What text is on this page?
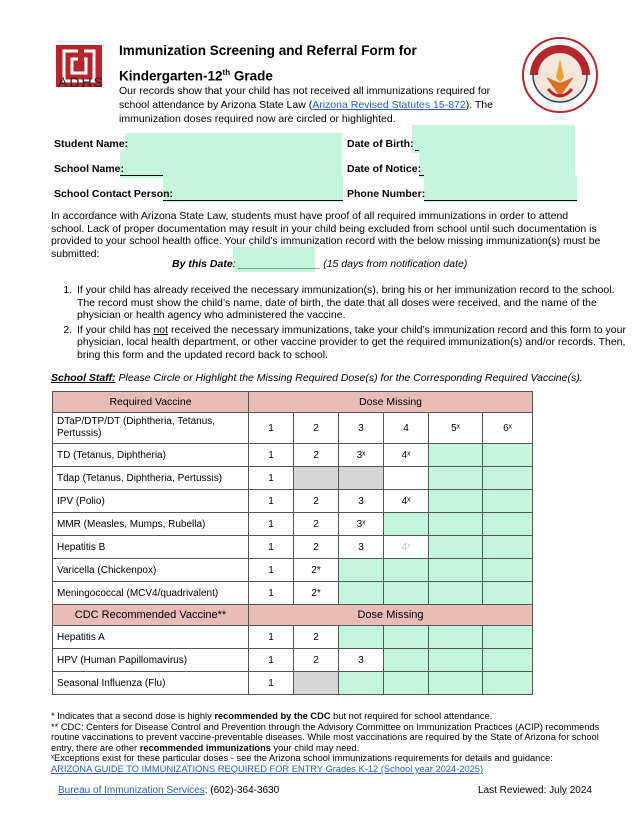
ADHS
Immunization Screening and Referral Form for
Kindergarten-12th Grade
Our records show that your child has not received all immunizations required for school attendance by Arizona State Law (Arizona Revised Statutes 15-872). The immunization doses required now are circled or highlighted.
Student Name:	Date of Birth:
School Name:	Date of Notice:
School Contact Person:	Phone Number:
In accordance with Arizona State Law, students must have proof of all required immunizations in order to attend school. Lack of proper documentation may result in your child being excluded from school until such documentation is provided to your school health office. Your child’s immunization record with the below missing immunization(s) must be submitted:
By this Date: ______________ (15 days from notification date)
1. If your child has already received the necessary immunization(s), bring his or her immunization record to the school. The record must show the child’s name, date of birth, the date that all doses were received, and the name of the physician or health agency who administered the vaccine.
2. If your child has not received the necessary immunizations, take your child’s immunization record and this form to your physician, local health department, or other vaccine provider to get the required immunization(s) and/or records. Then, bring this form and the updated record back to school.
School Staff: Please Circle or Highlight the Missing Required Dose(s) for the Corresponding Required Vaccine(s).
Required Vaccine	Dose Missing					
DTaP/DTP/DT (Diphtheria, Tetanus, Pertussis)	1	2	3	4	5ˣ	6ˣ
TD (Tetanus, Diphtheria)	1	2	3ˣ	4ˣ		
Tdap (Tetanus, Diphtheria, Pertussis)	1					
IPV (Polio)	1	2	3	4ˣ		
MMR (Measles, Mumps, Rubella)	1	2	3ˣ			
Hepatitis B	1	2	3	4ˣ		
Varicella (Chickenpox)	1	2*				
Meningococcal (MCV4/quadrivalent)	1	2*				
CDC Recommended Vaccine**	Dose Missing					
Hepatitis A	1	2				
HPV (Human Papillomavirus)	1	2	3			
Seasonal Influenza (Flu)	1					
* Indicates that a second dose is highly recommended by the CDC but not required for school attendance.
** CDC: Centers for Disease Control and Prevention through the Advisory Committee on Immunization Practices (ACIP) recommends routine vaccinations to prevent vaccine-preventable diseases. While most vaccinations are required by the State of Arizona for school entry, there are other recommended immunizations your child may need.
ˣExceptions exist for these particular doses - see the Arizona school immunizations requirements for details and guidance:
ARIZONA GUIDE TO IMMUNIZATIONS REQUIRED FOR ENTRY Grades K-12 (School year 2024-2025)
Bureau of Immunization Services: (602)-364-3630	Last Reviewed: July 2024
